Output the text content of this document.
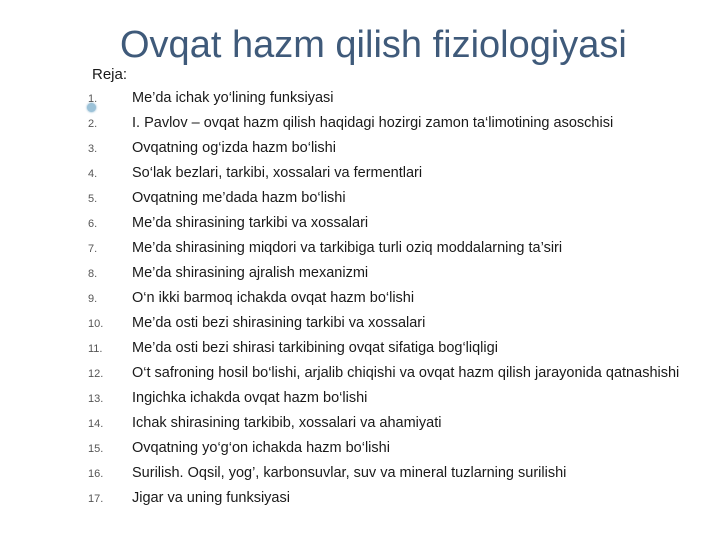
Ovqat hazm qilish fiziologiyasi
Reja:
1. Me’da ichak yo‘lining funksiyasi
2. I. Pavlov – ovqat hazm qilish haqidagi hozirgi zamon ta‘limotining asoschisi
3. Ovqatning og‘izda hazm bo‘lishi
4. So‘lak bezlari, tarkibi, xossalari va fermentlari
5. Ovqatning me’dada hazm bo‘lishi
6. Me’da shirasining tarkibi va xossalari
7. Me’da shirasining miqdori va tarkibiga turli oziq moddalarning ta’siri
8. Me’da shirasining ajralish mexanizmi
9. O‘n ikki barmoq ichakda ovqat hazm bo‘lishi
10. Me’da osti bezi shirasining tarkibi va xossalari
11. Me’da osti bezi shirasi tarkibining ovqat sifatiga bog‘liqligi
12. O‘t safroning hosil bo‘lishi, arjalib chiqishi va ovqat hazm qilish jarayonida qatnashishi
13. Ingichka ichakda ovqat hazm bo‘lishi
14. Ichak shirasining tarkibib, xossalari va ahamiyati
15. Ovqatning yo‘g‘on ichakda hazm bo‘lishi
16. Surilish. Oqsil, yog’, karbonsuvlar, suv va mineral tuzlarning surilishi
17. Jigar va uning funksiyasi
